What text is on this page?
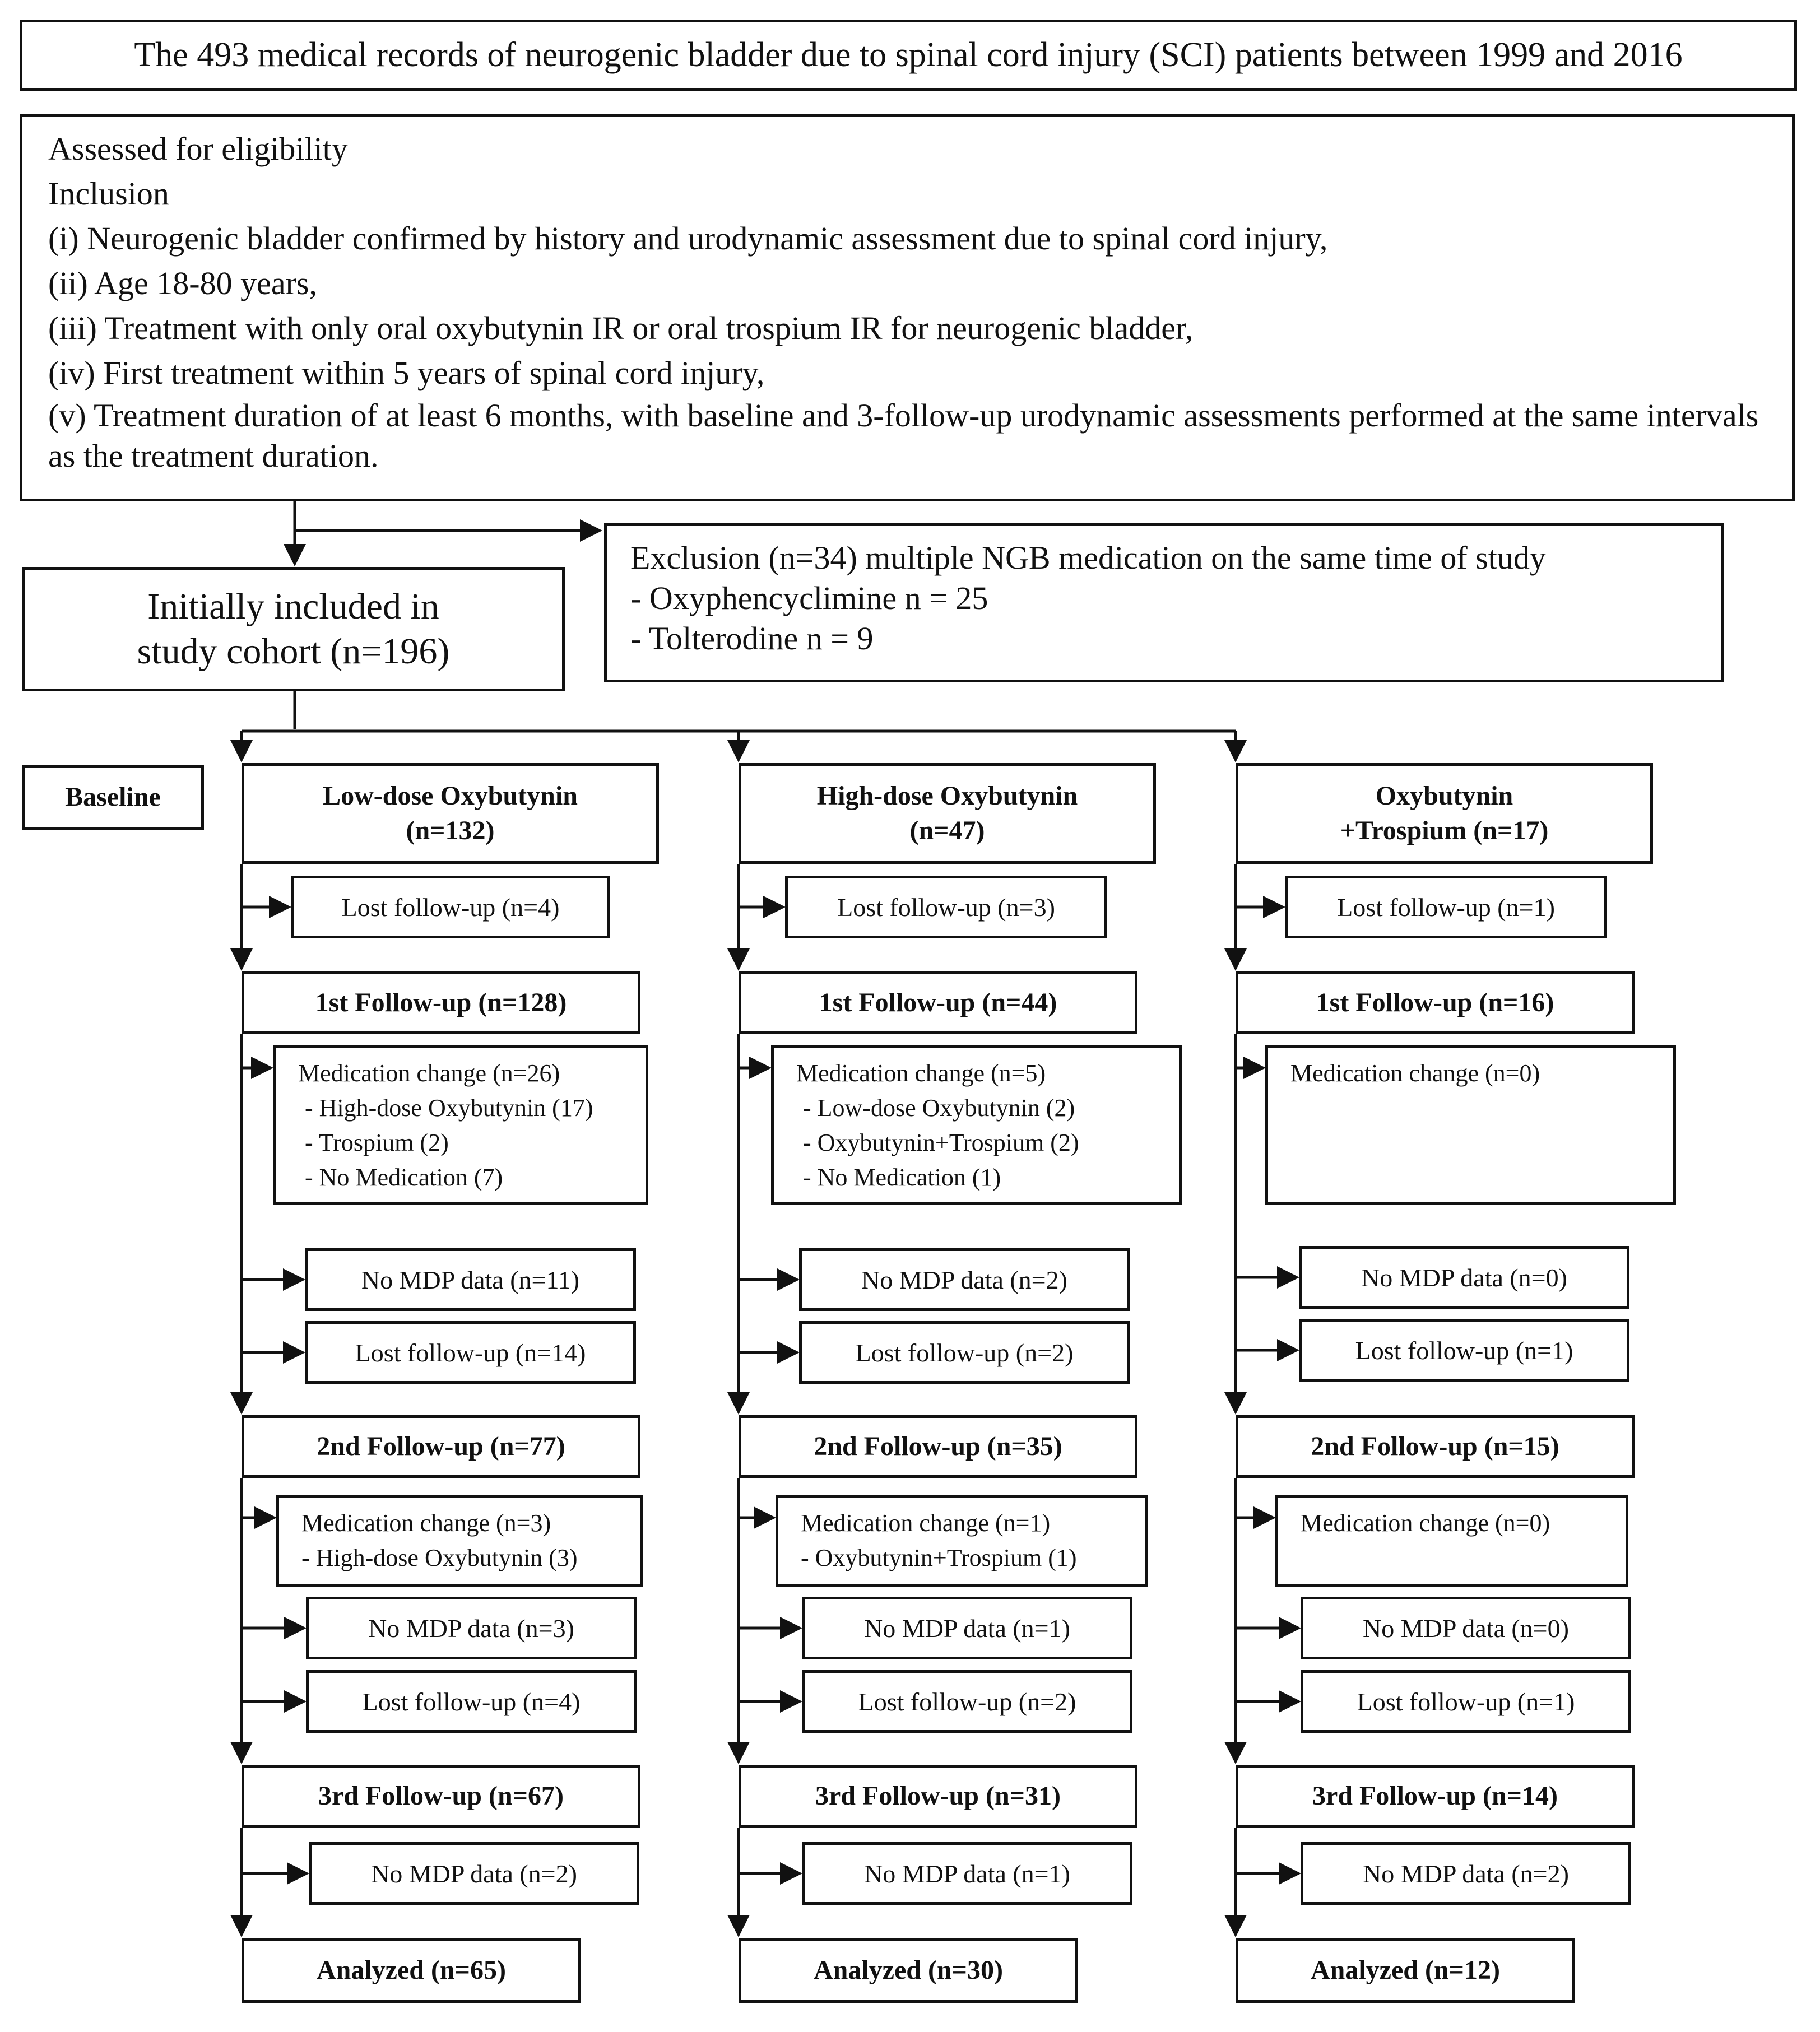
The 493 medical records of neurogenic bladder due to spinal cord injury (SCI) patients between 1999 and 2016
Assessed for eligibility
Inclusion
(i) Neurogenic bladder confirmed by history and urodynamic assessment due to spinal cord injury,
(ii) Age 18-80 years,
(iii) Treatment with only oral oxybutynin IR or oral trospium IR for neurogenic bladder,
(iv) First treatment within 5 years of spinal cord injury,
(v) Treatment duration of at least 6 months, with baseline and 3-follow-up urodynamic assessments performed at the same intervals as the treatment duration.
Initially included in
study cohort (n=196)
Exclusion (n=34) multiple NGB medication on the same time of study
- Oxyphencyclimine n = 25
- Tolterodine n = 9
Baseline	Low-dose Oxybutynin
(n=132)
Lost follow-up (n=4)
1st Follow-up (n=128)
Medication change (n=26)
- High-dose Oxybutynin (17)
- Trospium (2)
- No Medication (7)
No MDP data (n=11)
Lost follow-up (n=14)
2nd Follow-up (n=77)
Medication change (n=3)
- High-dose Oxybutynin (3)
No MDP data (n=3)
Lost follow-up (n=4)
3rd Follow-up (n=67)
No MDP data (n=2)
Analyzed (n=65)
High-dose Oxybutynin
(n=47)
Lost follow-up (n=3)
1st Follow-up (n=44)
Medication change (n=5)
- Low-dose Oxybutynin (2)
- Oxybutynin+Trospium (2)
- No Medication (1)
No MDP data (n=2)
Lost follow-up (n=2)
2nd Follow-up (n=35)
Medication change (n=1)
- Oxybutynin+Trospium (1)
No MDP data (n=1)
Lost follow-up (n=2)
3rd Follow-up (n=31)
No MDP data (n=1)
Analyzed (n=30)
Oxybutynin
+Trospium (n=17)
Lost follow-up (n=1)
1st Follow-up (n=16)
Medication change (n=0)
No MDP data (n=0)
Lost follow-up (n=1)
2nd Follow-up (n=15)
Medication change (n=0)
No MDP data (n=0)
Lost follow-up (n=1)
3rd Follow-up (n=14)
No MDP data (n=2)
Analyzed (n=12)
